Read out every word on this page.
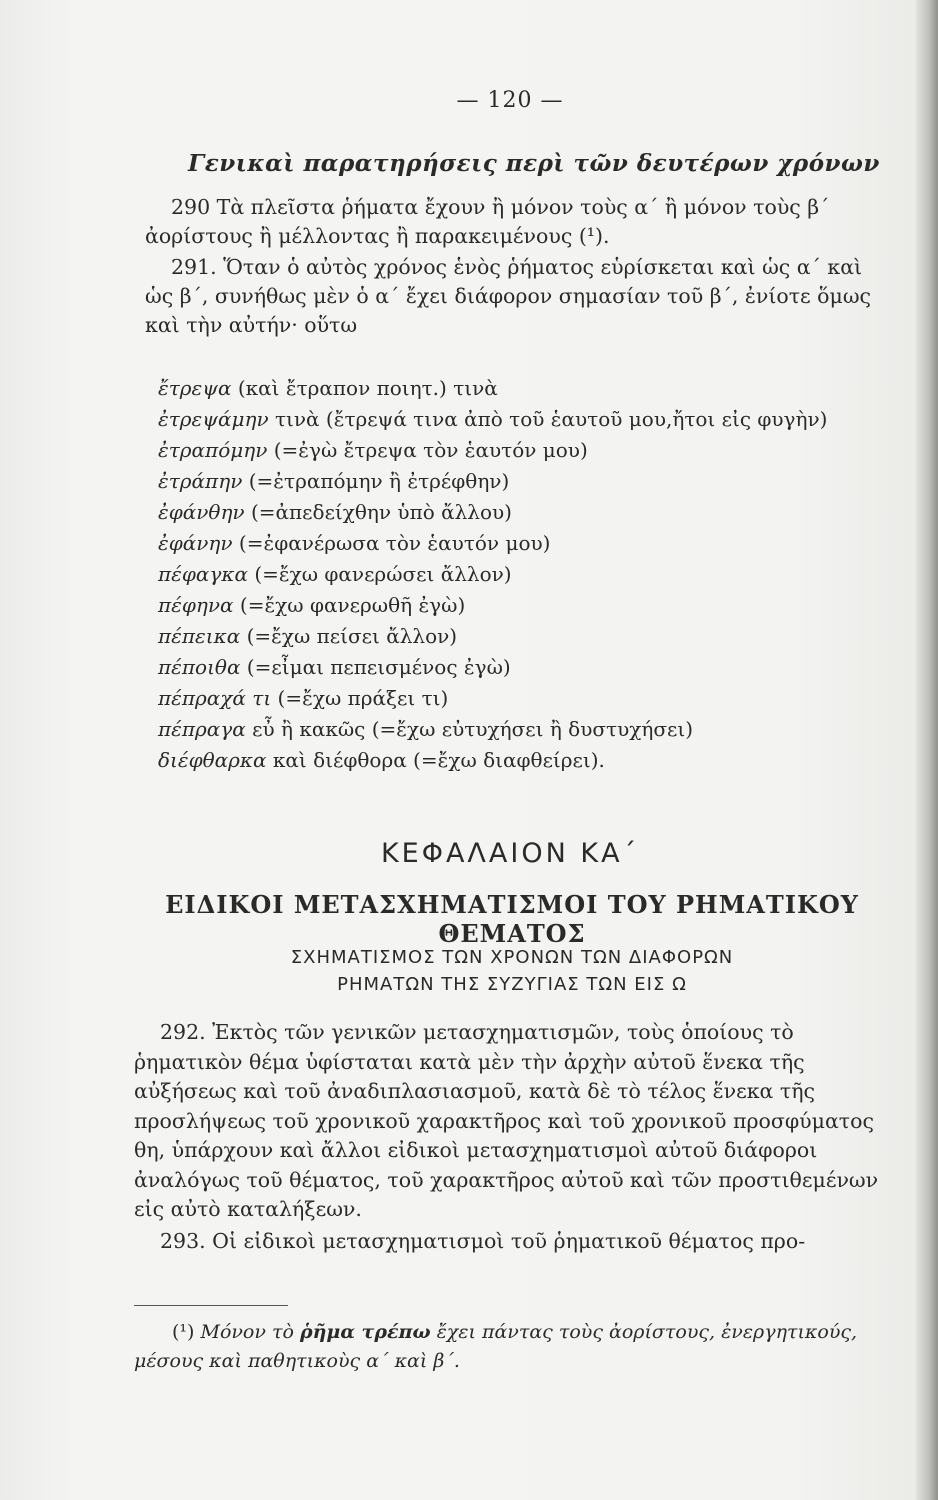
— 120 —
Γενικαὶ παρατηρήσεις περὶ τῶν δευτέρων χρόνων

290 Τὰ πλεῖστα ῥήματα ἔχουν ἢ μόνον τοὺς α΄ ἢ μόνον τοὺς β΄ ἀορίστους ἢ μέλλοντας ἢ παρακειμένους (¹).

291. Ὅταν ὁ αὐτὸς χρόνος ἑνὸς ῥήματος εὑρίσκεται καὶ ὡς α΄ καὶ ὡς β΄, συνήθως μὲν ὁ α΄ ἔχει διάφορον σημασίαν τοῦ β΄, ἐνίοτε ὅμως καὶ τὴν αὐτήν· οὕτω

ἔτρεψα (καὶ ἔτραπον ποιητ.) τινὰ
ἐτρεψάμην τινὰ (ἔτρεψά τινα ἀπὸ τοῦ ἑαυτοῦ μου,ἤτοι εἰς φυγὴν)
ἐτραπόμην (=ἐγὼ ἔτρεψα τὸν ἑαυτόν μου)
ἐτράπην (=ἐτραπόμην ἢ ἐτρέφθην)
ἐφάνθην (=ἀπεδείχθην ὑπὸ ἄλλου)
ἐφάνην (=ἐφανέρωσα τὸν ἑαυτόν μου)
πέφαγκα (=ἔχω φανερώσει ἄλλον)
πέφηνα (=ἔχω φανερωθῆ ἐγὼ)
πέπεικα (=ἔχω πείσει ἄλλον)
πέποιθα (=εἶμαι πεπεισμένος ἐγὼ)
πέπραχά τι (=ἔχω πράξει τι)
πέπραγα εὖ ἢ κακῶς (=ἔχω εὐτυχήσει ἢ δυστυχήσει)
διέφθαρκα καὶ διέφθορα (=ἔχω διαφθείρει).
ΚΕΦΑΛΑΙΟΝ ΚΑ΄
ΕΙΔΙΚΟΙ ΜΕΤΑΣΧΗΜΑΤΙΣΜΟΙ ΤΟΥ ΡΗΜΑΤΙΚΟΥ ΘΕΜΑΤΟΣ
ΣΧΗΜΑΤΙΣΜΟΣ ΤΩΝ ΧΡΟΝΩΝ ΤΩΝ ΔΙΑΦΟΡΩΝ
ΡΗΜΑΤΩΝ ΤΗΣ ΣΥΖΥΓΙΑΣ ΤΩΝ ΕΙΣ Ω

292. Ἐκτὸς τῶν γενικῶν μετασχηματισμῶν, τοὺς ὁποίους τὸ ῥηματικὸν θέμα ὑφίσταται κατὰ μὲν τὴν ἀρχὴν αὐτοῦ ἕνεκα τῆς αὐξήσεως καὶ τοῦ ἀναδιπλασιασμοῦ, κατὰ δὲ τὸ τέλος ἕνεκα τῆς προσλήψεως τοῦ χρονικοῦ χαρακτῆρος καὶ τοῦ χρονικοῦ προσφύματος θη, ὑπάρχουν καὶ ἄλλοι εἰδικοὶ μετασχηματισμοὶ αὐτοῦ διάφοροι ἀναλόγως τοῦ θέματος, τοῦ χαρακτῆρος αὐτοῦ καὶ τῶν προστιθεμένων εἰς αὐτὸ καταλήξεων.

293. Οἱ εἰδικοὶ μετασχηματισμοὶ τοῦ ῥηματικοῦ θέματος προ-

(¹) Μόνον τὸ ῥῆμα τρέπω ἔχει πάντας τοὺς ἀορίστους, ἐνεργητικούς, μέσους καὶ παθητικοὺς α΄ καὶ β΄.
